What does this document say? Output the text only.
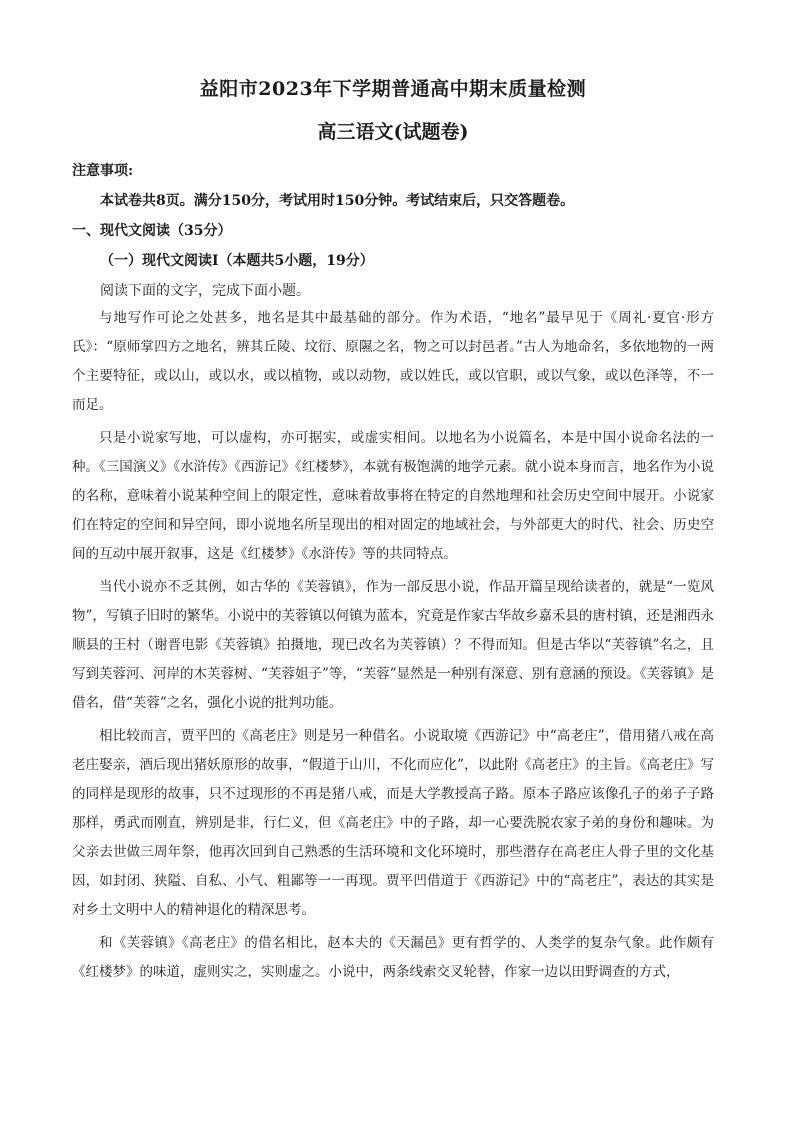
益阳市2023年下学期普通高中期末质量检测
高三语文(试题卷)
注意事项:
本试卷共8页。满分150分，考试用时150分钟。考试结束后，只交答题卷。
一、现代文阅读（35分）
（一）现代文阅读Ⅰ（本题共5小题，19分）
阅读下面的文字，完成下面小题。

与地写作可论之处甚多，地名是其中最基础的部分。作为术语，“地名”最早见于《周礼·夏官·形方氏》：“原师掌四方之地名，辨其丘陵、坟衍、原隰之名，物之可以封邑者。”古人为地命名，多依地物的一两个主要特征，或以山，或以水，或以植物，或以动物，或以姓氏，或以官职，或以气象，或以色泽等，不一而足。

只是小说家写地，可以虚构，亦可据实，或虚实相间。以地名为小说篇名，本是中国小说命名法的一种。《三国演义》《水浒传》《西游记》《红楼梦》，本就有极饱满的地学元素。就小说本身而言，地名作为小说的名称，意味着小说某种空间上的限定性，意味着故事将在特定的自然地理和社会历史空间中展开。小说家们在特定的空间和异空间，即小说地名所呈现出的相对固定的地域社会，与外部更大的时代、社会、历史空间的互动中展开叙事，这是《红楼梦》《水浒传》等的共同特点。

当代小说亦不乏其例，如古华的《芙蓉镇》，作为一部反思小说，作品开篇呈现给读者的，就是“一览风物”，写镇子旧时的繁华。小说中的芙蓉镇以何镇为蓝本，究竟是作家古华故乡嘉禾县的唐村镇，还是湘西永顺县的王村（谢晋电影《芙蓉镇》拍摄地，现已改名为芙蓉镇）？不得而知。但是古华以“芙蓉镇”名之，且写到芙蓉河、河岸的木芙蓉树、“芙蓉姐子”等，“芙蓉”显然是一种别有深意、别有意涵的预设。《芙蓉镇》是借名，借“芙蓉”之名，强化小说的批判功能。

相比较而言，贾平凹的《高老庄》则是另一种借名。小说取境《西游记》中“高老庄”，借用猪八戒在高老庄娶亲，酒后现出猪妖原形的故事，“假道于山川，不化而应化”，以此附《高老庄》的主旨。《高老庄》写的同样是现形的故事，只不过现形的不再是猪八戒，而是大学教授高子路。原本子路应该像孔子的弟子子路那样，勇武而刚直，辨别是非，行仁义，但《高老庄》中的子路，却一心要洗脱农家子弟的身份和趣味。为父亲去世做三周年祭，他再次回到自己熟悉的生活环境和文化环境时，那些潜存在高老庄人骨子里的文化基因，如封闭、狭隘、自私、小气、粗鄙等一一再现。贾平凹借道于《西游记》中的“高老庄”，表达的其实是对乡土文明中人的精神退化的精深思考。

和《芙蓉镇》《高老庄》的借名相比，赵本夫的《天漏邑》更有哲学的、人类学的复杂气象。此作颇有《红楼梦》的味道，虚则实之，实则虚之。小说中，两条线索交叉轮替，作家一边以田野调查的方式，
